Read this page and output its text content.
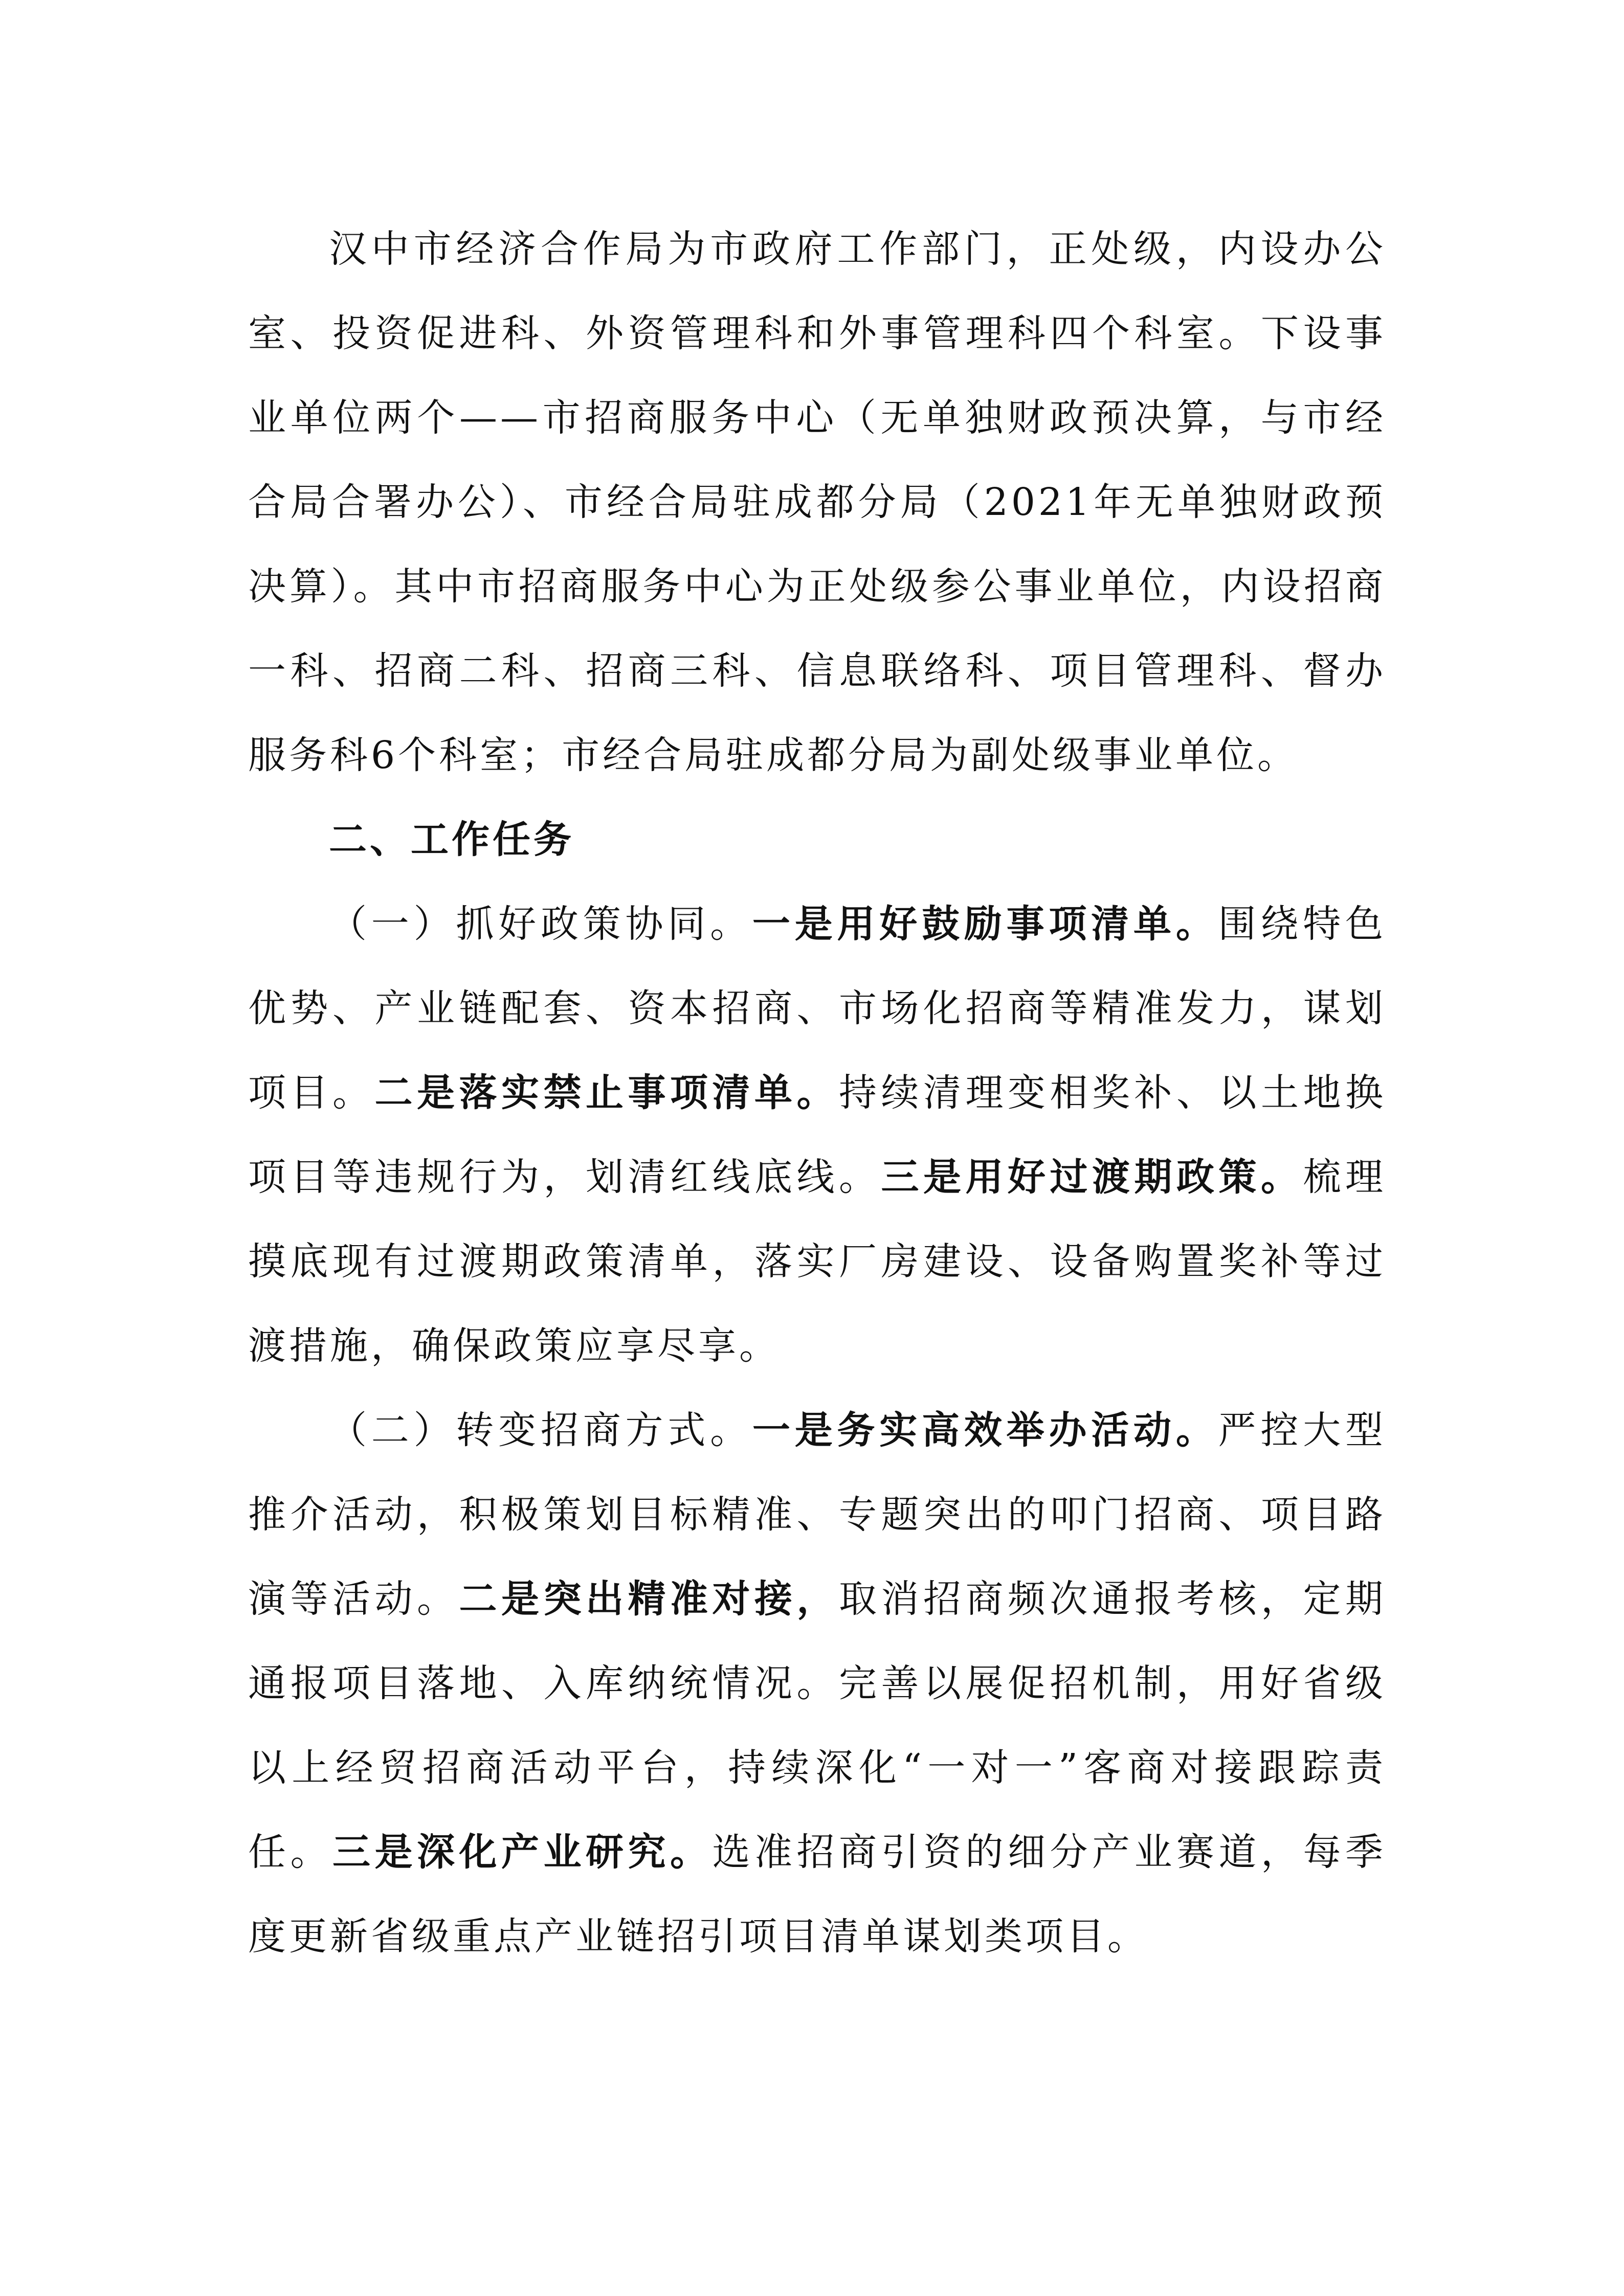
汉中市经济合作局为市政府工作部门，正处级，内设办公室、投资促进科、外资管理科和外事管理科四个科室。下设事业单位两个——市招商服务中心（无单独财政预决算，与市经合局合署办公）、市经合局驻成都分局（2021年无单独财政预决算）。其中市招商服务中心为正处级参公事业单位，内设招商一科、招商二科、招商三科、信息联络科、项目管理科、督办服务科6个科室；市经合局驻成都分局为副处级事业单位。

二、工作任务

（一）抓好政策协同。一是用好鼓励事项清单。围绕特色优势、产业链配套、资本招商、市场化招商等精准发力，谋划项目。二是落实禁止事项清单。持续清理变相奖补、以土地换项目等违规行为，划清红线底线。三是用好过渡期政策。梳理摸底现有过渡期政策清单，落实厂房建设、设备购置奖补等过渡措施，确保政策应享尽享。

（二）转变招商方式。一是务实高效举办活动。严控大型推介活动，积极策划目标精准、专题突出的叩门招商、项目路演等活动。二是突出精准对接，取消招商频次通报考核，定期通报项目落地、入库纳统情况。完善以展促招机制，用好省级以上经贸招商活动平台，持续深化“一对一”客商对接跟踪责任。三是深化产业研究。选准招商引资的细分产业赛道，每季度更新省级重点产业链招引项目清单谋划类项目。
